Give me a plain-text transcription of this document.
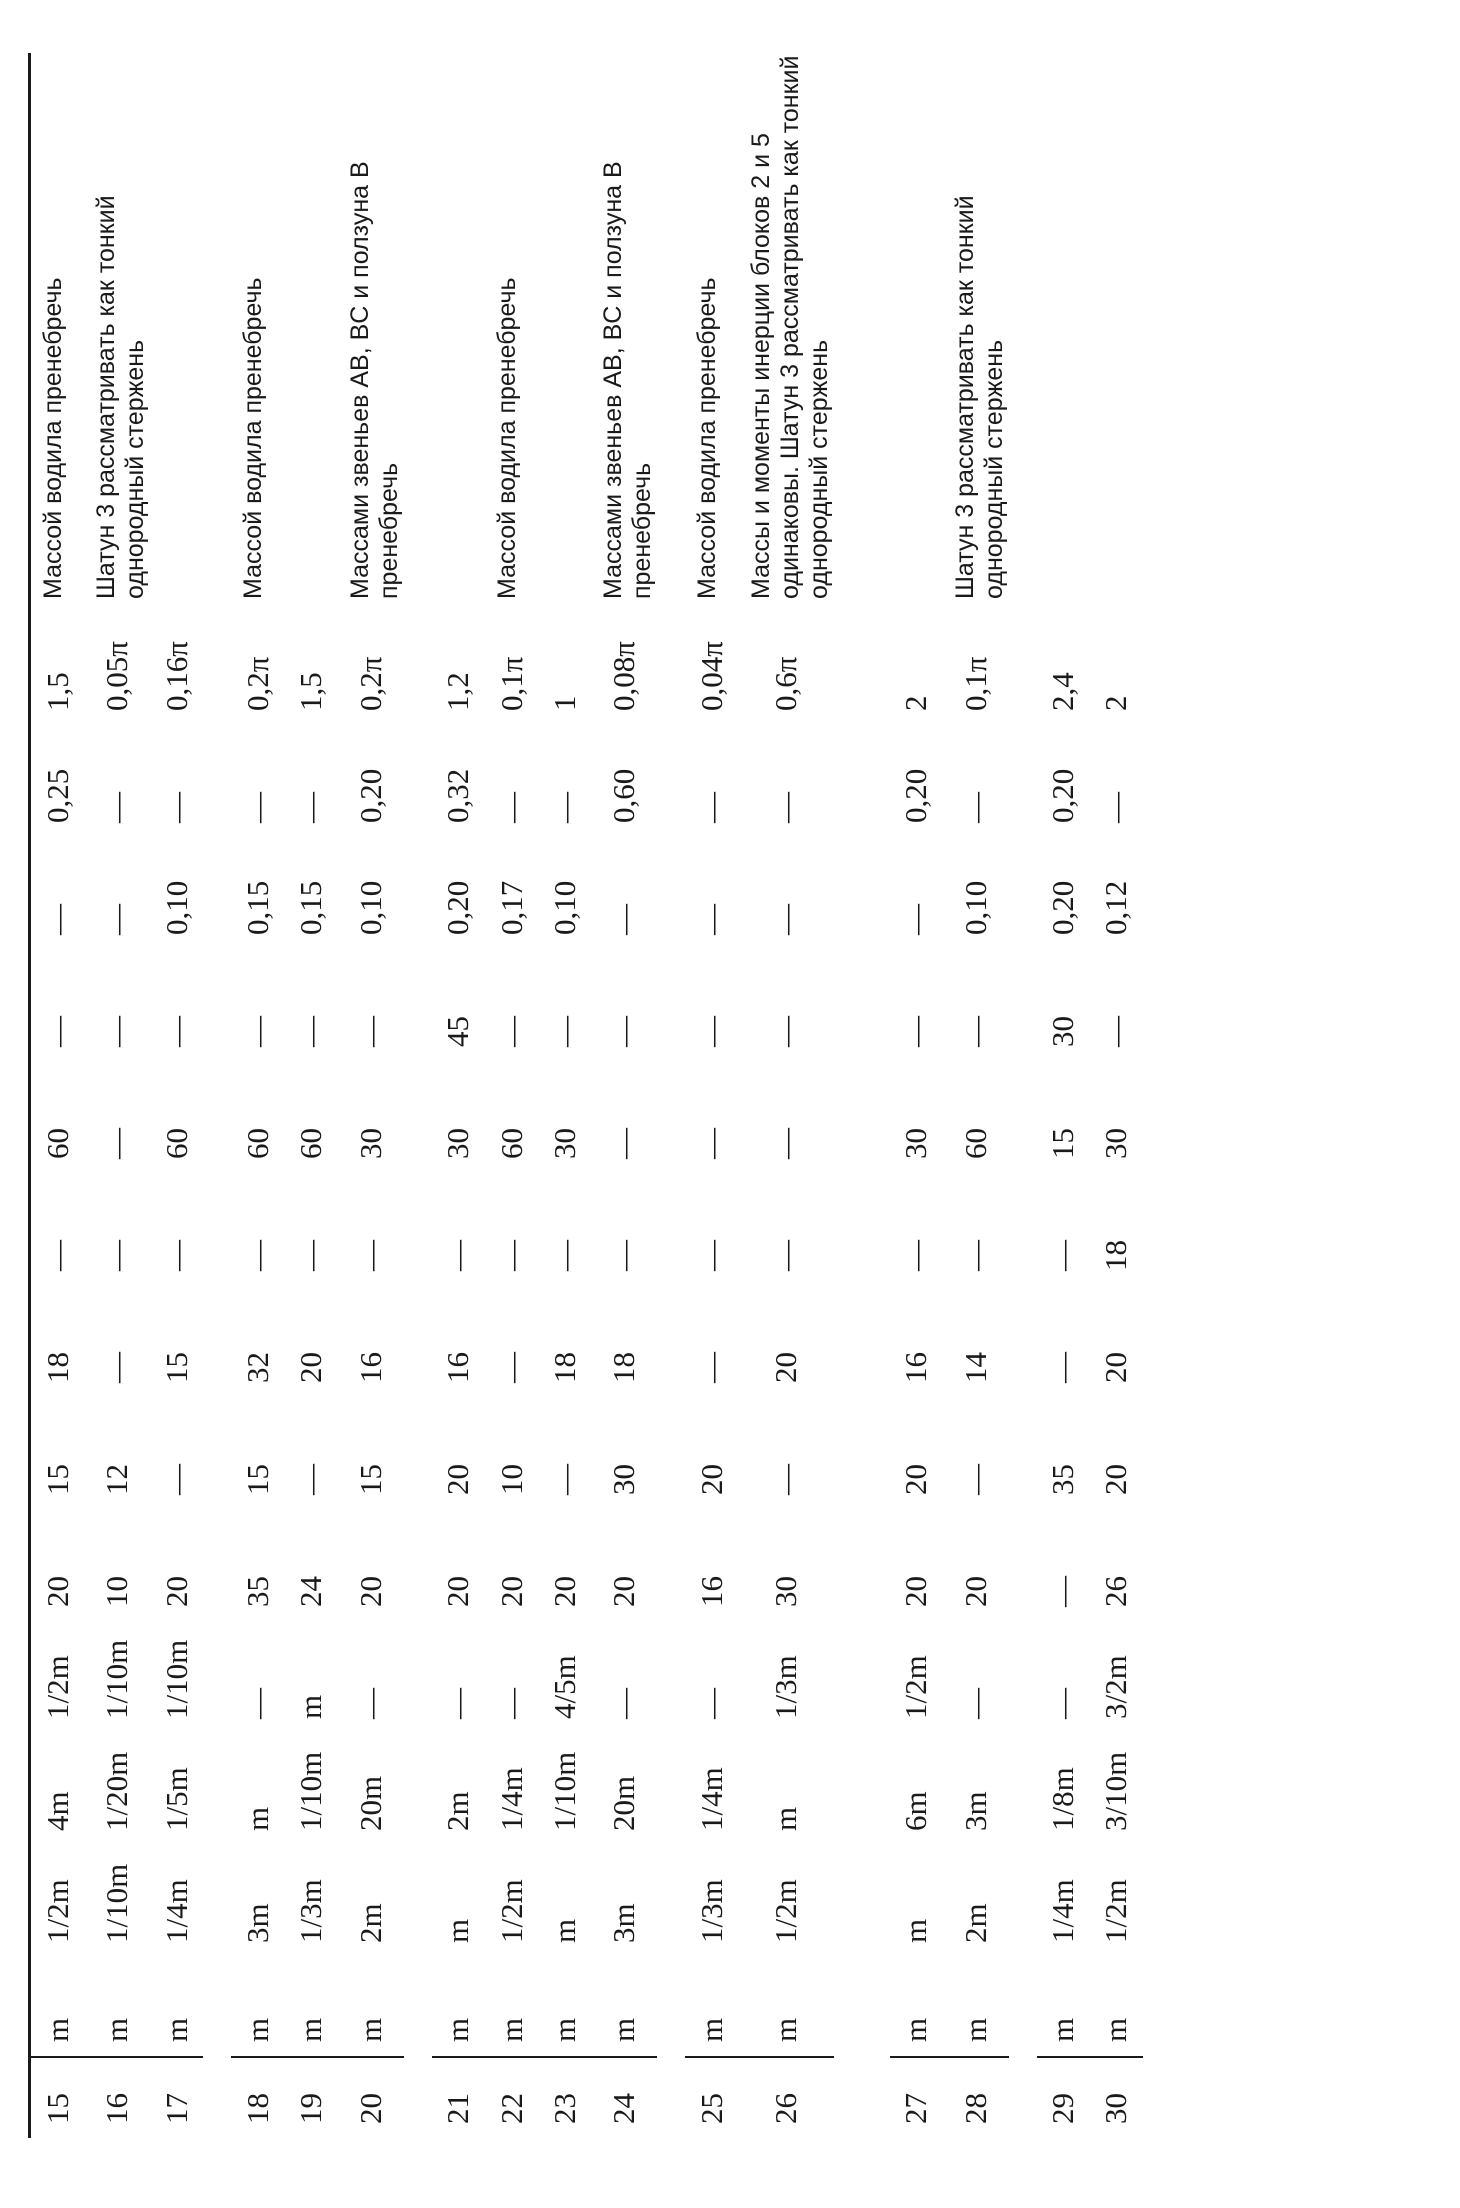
15	m	1/2m	4m	1/2m	20	15	18	—	60	—	—	0,25	1,5	Массой водила пренебречь
16	m	1/10m	1/20m	1/10m	10	12	—	—	—	—	—	—	0,05π	Шатун 3 рассматривать как тонкий однородный стержень
17	m	1/4m	1/5m	1/10m	20	—	15	—	60	—	0,10	—	0,16π	

18	m	3m	m	—	35	15	32	—	60	—	0,15	—	0,2π	Массой водила пренебречь
19	m	1/3m	1/10m	m	24	—	20	—	60	—	0,15	—	1,5	
20	m	2m	20m	—	20	15	16	—	30	—	0,10	0,20	0,2π	Массами звеньев AB, BC и ползуна B пренебречь

21	m	m	2m	—	20	20	16	—	30	45	0,20	0,32	1,2	
22	m	1/2m	1/4m	—	20	10	—	—	60	—	0,17	—	0,1π	Массой водила пренебречь
23	m	m	1/10m	4/5m	20	—	18	—	30	—	0,10	—	1	
24	m	3m	20m	—	20	30	18	—	—	—	—	0,60	0,08π	Массами звеньев AB, BC и ползуна B пренебречь

25	m	1/3m	1/4m	—	16	20	—	—	—	—	—	—	0,04π	Массой водила пренебречь
26	m	1/2m	m	1/3m	30	—	20	—	—	—	—	—	0,6π	Массы и моменты инерции блоков 2 и 5 одинаковы. Шатун 3 рассматривать как тонкий однородный стержень

27	m	m	6m	1/2m	20	20	16	—	30	—	—	0,20	2	
28	m	2m	3m	—	20	—	14	—	60	—	0,10	—	0,1π	Шатун 3 рассматривать как тонкий однородный стержень

29	m	1/4m	1/8m	—	—	35	—	—	15	30	0,20	0,20	2,4	
30	m	1/2m	3/10m	3/2m	26	20	20	18	30	—	0,12	—	2	
